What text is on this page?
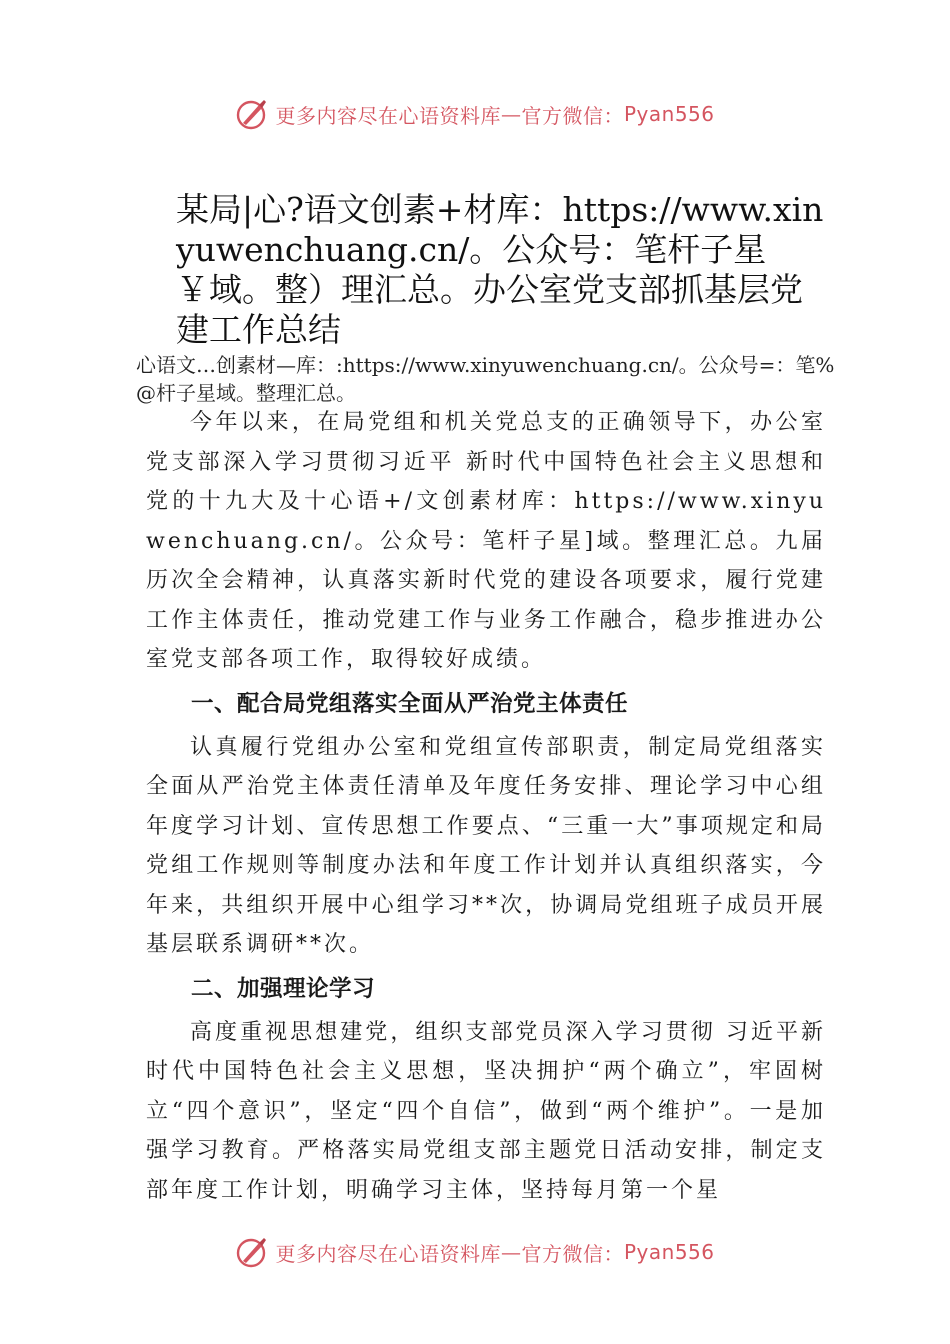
更多内容尽在心语资料库 — 官方微信： Pyan556
某局|心?语文创素+材库：https://www.xinyuwenchuang.cn/。公众号：笔杆子星￥域。整）理汇总。办公室党支部抓基层党建工作总结
心语文…创素材—库：:https://www.xinyuwenchuang.cn/。公众号=：笔%@杆子星域。整理汇总。

今年以来，在局党组和机关党总支的正确领导下，办公室党支部深入学习贯彻习近平 新时代中国特色社会主义思想和党的十九大及十心语+/文创素材库：https://www.xinyuwenchuang.cn/。公众号：笔杆子星]域。整理汇总。九届历次全会精神，认真落实新时代党的建设各项要求，履行党建工作主体责任，推动党建工作与业务工作融合，稳步推进办公室党支部各项工作，取得较好成绩。

一、配合局党组落实全面从严治党主体责任

认真履行党组办公室和党组宣传部职责，制定局党组落实全面从严治党主体责任清单及年度任务安排、理论学习中心组年度学习计划、宣传思想工作要点、“三重一大”事项规定和局党组工作规则等制度办法和年度工作计划并认真组织落实，今年来，共组织开展中心组学习**次，协调局党组班子成员开展基层联系调研**次。

二、加强理论学习

高度重视思想建党，组织支部党员深入学习贯彻 习近平新时代中国特色社会主义思想，坚决拥护“两个确立”，牢固树立“四个意识”，坚定“四个自信”，做到“两个维护”。一是加强学习教育。严格落实局党组支部主题党日活动安排，制定支部年度工作计划，明确学习主体，坚持每月第一个星

更多内容尽在心语资料库 — 官方微信： Pyan556
